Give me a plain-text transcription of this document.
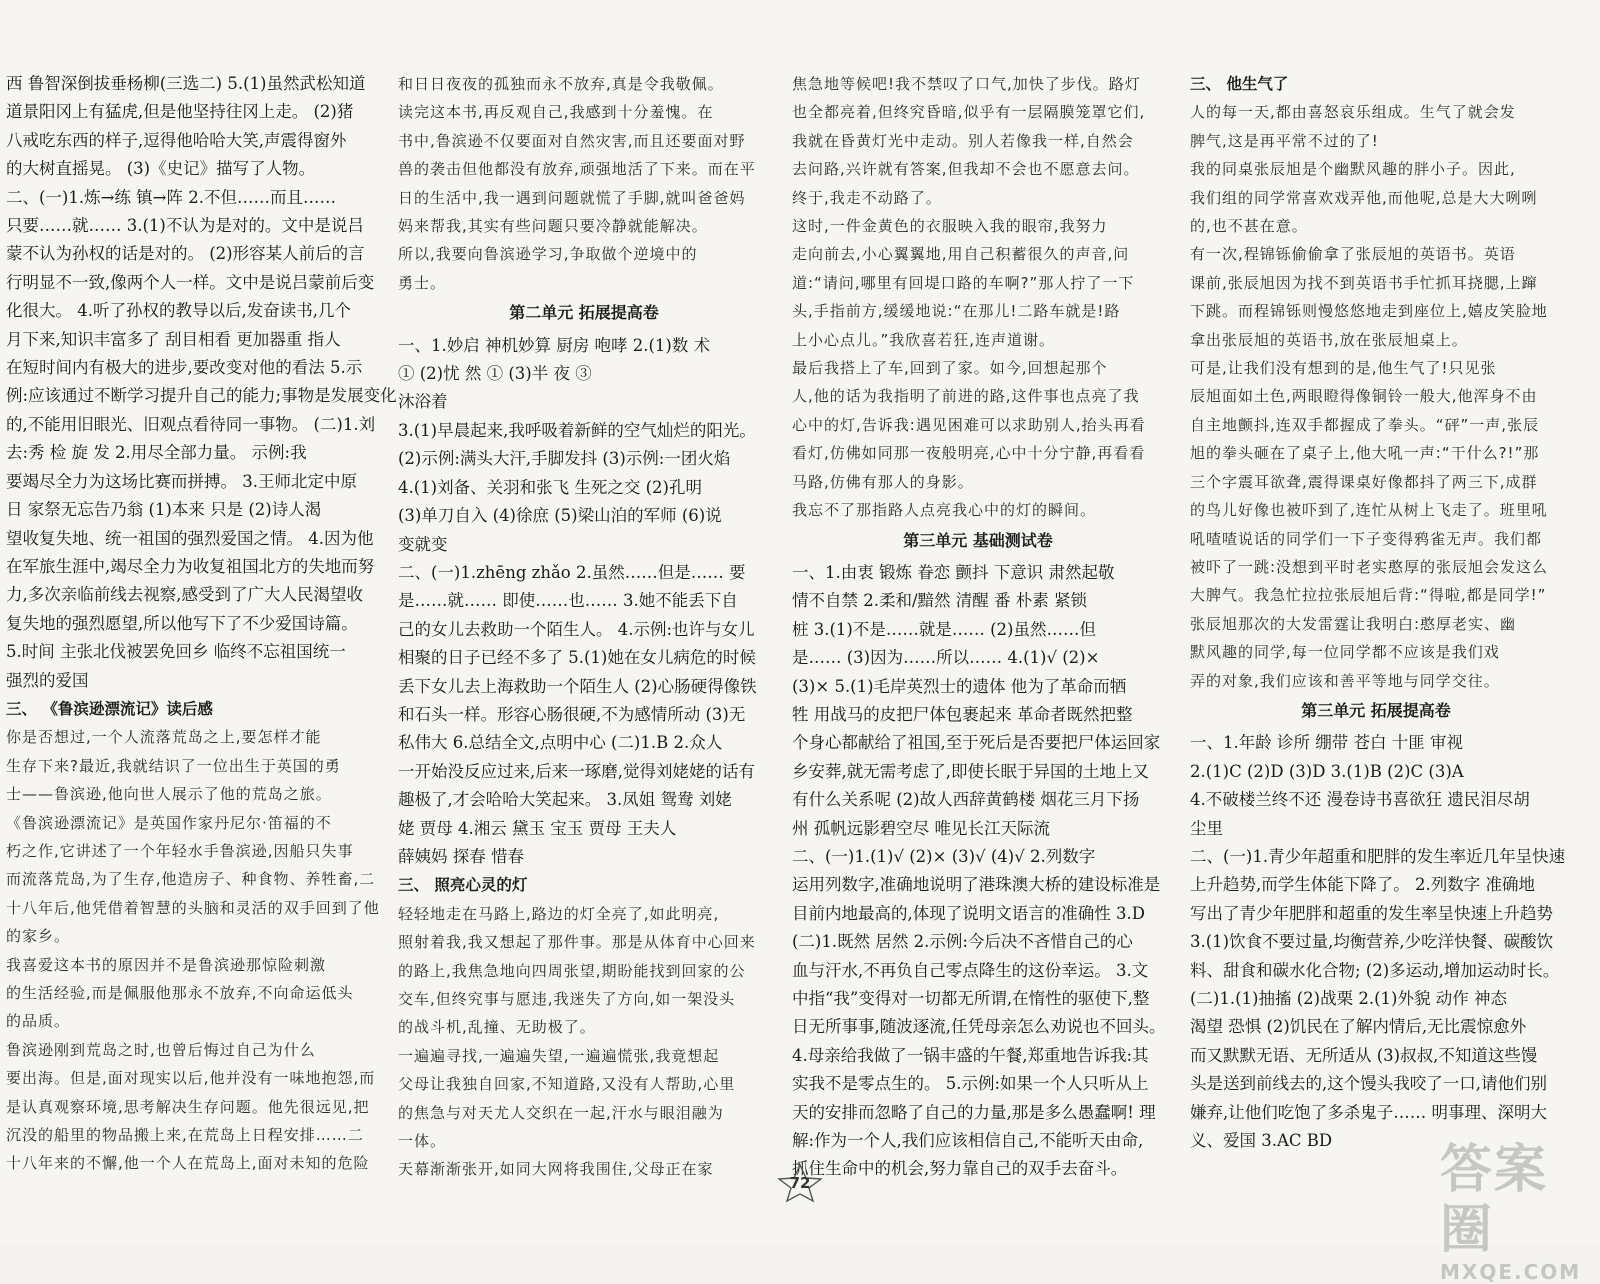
西 鲁智深倒拔垂杨柳(三选二) 5.(1)虽然武松知道
道景阳冈上有猛虎,但是他坚持往冈上走。 (2)猪
八戒吃东西的样子,逗得他哈哈大笑,声震得窗外
的大树直摇晃。 (3)《史记》描写了人物。
二、(一)1.炼→练 镇→阵 2.不但……而且……
只要……就…… 3.(1)不认为是对的。文中是说吕
蒙不认为孙权的话是对的。 (2)形容某人前后的言
行明显不一致,像两个人一样。文中是说吕蒙前后变
化很大。 4.听了孙权的教导以后,发奋读书,几个
月下来,知识丰富多了 刮目相看 更加器重 指人
在短时间内有极大的进步,要改变对他的看法 5.示
例:应该通过不断学习提升自己的能力;事物是发展变化
的,不能用旧眼光、旧观点看待同一事物。 (二)1.刘
去:秀 检 旋 发 2.用尽全部力量。 示例:我
要竭尽全力为这场比赛而拼搏。 3.王师北定中原
日 家祭无忘告乃翁 (1)本来 只是 (2)诗人渴
望收复失地、统一祖国的强烈爱国之情。 4.因为他
在军旅生涯中,竭尽全力为收复祖国北方的失地而努
力,多次亲临前线去视察,感受到了广大人民渴望收
复失地的强烈愿望,所以他写下了不少爱国诗篇。
5.时间 主张北伐被罢免回乡 临终不忘祖国统一
强烈的爱国
三、 《鲁滨逊漂流记》读后感
你是否想过,一个人流落荒岛之上,要怎样才能
生存下来?最近,我就结识了一位出生于英国的勇
士——鲁滨逊,他向世人展示了他的荒岛之旅。
《鲁滨逊漂流记》是英国作家丹尼尔·笛福的不
朽之作,它讲述了一个年轻水手鲁滨逊,因船只失事
而流落荒岛,为了生存,他造房子、种食物、养牲畜,二
十八年后,他凭借着智慧的头脑和灵活的双手回到了他
的家乡。
我喜爱这本书的原因并不是鲁滨逊那惊险刺激
的生活经验,而是佩服他那永不放弃,不向命运低头
的品质。
鲁滨逊刚到荒岛之时,也曾后悔过自己为什么
要出海。但是,面对现实以后,他并没有一味地抱怨,而
是认真观察环境,思考解决生存问题。他先很远见,把
沉没的船里的物品搬上来,在荒岛上日程安排……二
十八年来的不懈,他一个人在荒岛上,面对未知的危险
和日日夜夜的孤独而永不放弃,真是令我敬佩。
读完这本书,再反观自己,我感到十分羞愧。在
书中,鲁滨逊不仅要面对自然灾害,而且还要面对野
兽的袭击但他都没有放弃,顽强地活了下来。而在平
日的生活中,我一遇到问题就慌了手脚,就叫爸爸妈
妈来帮我,其实有些问题只要冷静就能解决。
所以,我要向鲁滨逊学习,争取做个逆境中的
勇士。
第二单元 拓展提高卷
一、1.妙启 神机妙算 厨房 咆哮 2.(1)数 术
① (2)忧 然 ① (3)半 夜 ③
沐浴着
3.(1)早晨起来,我呼吸着新鲜的空气灿烂的阳光。
(2)示例:满头大汗,手脚发抖 (3)示例:一团火焰
4.(1)刘备、关羽和张飞 生死之交 (2)孔明
(3)单刀自入 (4)徐庶 (5)梁山泊的军师 (6)说
变就变
二、(一)1.zhēng zhǎo 2.虽然……但是…… 要
是……就…… 即使……也…… 3.她不能丢下自
己的女儿去救助一个陌生人。 4.示例:也许与女儿
相聚的日子已经不多了 5.(1)她在女儿病危的时候
丢下女儿去上海救助一个陌生人 (2)心肠硬得像铁
和石头一样。形容心肠很硬,不为感情所动 (3)无
私伟大 6.总结全文,点明中心 (二)1.B 2.众人
一开始没反应过来,后来一琢磨,觉得刘姥姥的话有
趣极了,才会哈哈大笑起来。 3.凤姐 鸳鸯 刘姥
姥 贾母 4.湘云 黛玉 宝玉 贾母 王夫人
薛姨妈 探春 惜春
三、 照亮心灵的灯
轻轻地走在马路上,路边的灯全亮了,如此明亮,
照射着我,我又想起了那件事。那是从体育中心回来
的路上,我焦急地向四周张望,期盼能找到回家的公
交车,但终究事与愿违,我迷失了方向,如一架没头
的战斗机,乱撞、无助极了。
一遍遍寻找,一遍遍失望,一遍遍慌张,我竟想起
父母让我独自回家,不知道路,又没有人帮助,心里
的焦急与对天尤人交织在一起,汗水与眼泪融为
一体。
天幕渐渐张开,如同大网将我围住,父母正在家
焦急地等候吧!我不禁叹了口气,加快了步伐。路灯
也全都亮着,但终究昏暗,似乎有一层隔膜笼罩它们,
我就在昏黄灯光中走动。别人若像我一样,自然会
去问路,兴许就有答案,但我却不会也不愿意去问。
终于,我走不动路了。
这时,一件金黄色的衣服映入我的眼帘,我努力
走向前去,小心翼翼地,用自己积蓄很久的声音,问
道:“请问,哪里有回堤口路的车啊?”那人拧了一下
头,手指前方,缓缓地说:“在那儿!二路车就是!路
上小心点儿。”我欣喜若狂,连声道谢。
最后我搭上了车,回到了家。如今,回想起那个
人,他的话为我指明了前进的路,这件事也点亮了我
心中的灯,告诉我:遇见困难可以求助别人,抬头再看
看灯,仿佛如同那一夜般明亮,心中十分宁静,再看看
马路,仿佛有那人的身影。
我忘不了那指路人点亮我心中的灯的瞬间。
第三单元 基础测试卷
一、1.由衷 锻炼 眷恋 颤抖 下意识 肃然起敬
情不自禁 2.柔和/黯然 清醒 番 朴素 紧锁
桩 3.(1)不是……就是…… (2)虽然……但
是…… (3)因为……所以…… 4.(1)√ (2)×
(3)× 5.(1)毛岸英烈士的遗体 他为了革命而牺
牲 用战马的皮把尸体包裹起来 革命者既然把整
个身心都献给了祖国,至于死后是否要把尸体运回家
乡安葬,就无需考虑了,即使长眠于异国的土地上又
有什么关系呢 (2)故人西辞黄鹤楼 烟花三月下扬
州 孤帆远影碧空尽 唯见长江天际流
二、(一)1.(1)√ (2)× (3)√ (4)√ 2.列数字
运用列数字,准确地说明了港珠澳大桥的建设标准是
目前内地最高的,体现了说明文语言的准确性 3.D
(二)1.既然 居然 2.示例:今后决不吝惜自己的心
血与汗水,不再负自己零点降生的这份幸运。 3.文
中指“我”变得对一切都无所谓,在惰性的驱使下,整
日无所事事,随波逐流,任凭母亲怎么劝说也不回头。
4.母亲给我做了一锅丰盛的午餐,郑重地告诉我:其
实我不是零点生的。 5.示例:如果一个人只听从上
天的安排而忽略了自己的力量,那是多么愚蠢啊! 理
解:作为一个人,我们应该相信自己,不能听天由命,
抓住生命中的机会,努力靠自己的双手去奋斗。
三、 他生气了
人的每一天,都由喜怒哀乐组成。生气了就会发
脾气,这是再平常不过的了!
我的同桌张辰旭是个幽默风趣的胖小子。因此,
我们组的同学常喜欢戏弄他,而他呢,总是大大咧咧
的,也不甚在意。
有一次,程锦铄偷偷拿了张辰旭的英语书。英语
课前,张辰旭因为找不到英语书手忙抓耳挠腮,上蹿
下跳。而程锦铄则慢悠悠地走到座位上,嬉皮笑脸地
拿出张辰旭的英语书,放在张辰旭桌上。
可是,让我们没有想到的是,他生气了!只见张
辰旭面如土色,两眼瞪得像铜铃一般大,他浑身不由
自主地颤抖,连双手都握成了拳头。“砰”一声,张辰
旭的拳头砸在了桌子上,他大吼一声:“干什么?!”那
三个字震耳欲聋,震得课桌好像都抖了两三下,成群
的鸟儿好像也被吓到了,连忙从树上飞走了。班里吼
吼喳喳说话的同学们一下子变得鸦雀无声。我们都
被吓了一跳:没想到平时老实憨厚的张辰旭会发这么
大脾气。我急忙拉拉张辰旭后背:“得啦,都是同学!”
张辰旭那次的大发雷霆让我明白:憨厚老实、幽
默风趣的同学,每一位同学都不应该是我们戏
弄的对象,我们应该和善平等地与同学交往。
第三单元 拓展提高卷
一、1.年龄 诊所 绷带 苍白 十匪 审视
2.(1)C (2)D (3)D 3.(1)B (2)C (3)A
4.不破楼兰终不还 漫卷诗书喜欲狂 遗民泪尽胡
尘里
二、(一)1.青少年超重和肥胖的发生率近几年呈快速
上升趋势,而学生体能下降了。 2.列数字 准确地
写出了青少年肥胖和超重的发生率呈快速上升趋势
3.(1)饮食不要过量,均衡营养,少吃洋快餐、碳酸饮
料、甜食和碳水化合物; (2)多运动,增加运动时长。
(二)1.(1)抽搐 (2)战栗 2.(1)外貌 动作 神态
渴望 恐惧 (2)饥民在了解内情后,无比震惊愈外
而又默默无语、无所适从 (3)叔叔,不知道这些馒
头是送到前线去的,这个馒头我咬了一口,请他们别
嫌弃,让他们吃饱了多杀鬼子…… 明事理、深明大
义、爱国 3.AC BD
72	答案圈
MXQE.COM
